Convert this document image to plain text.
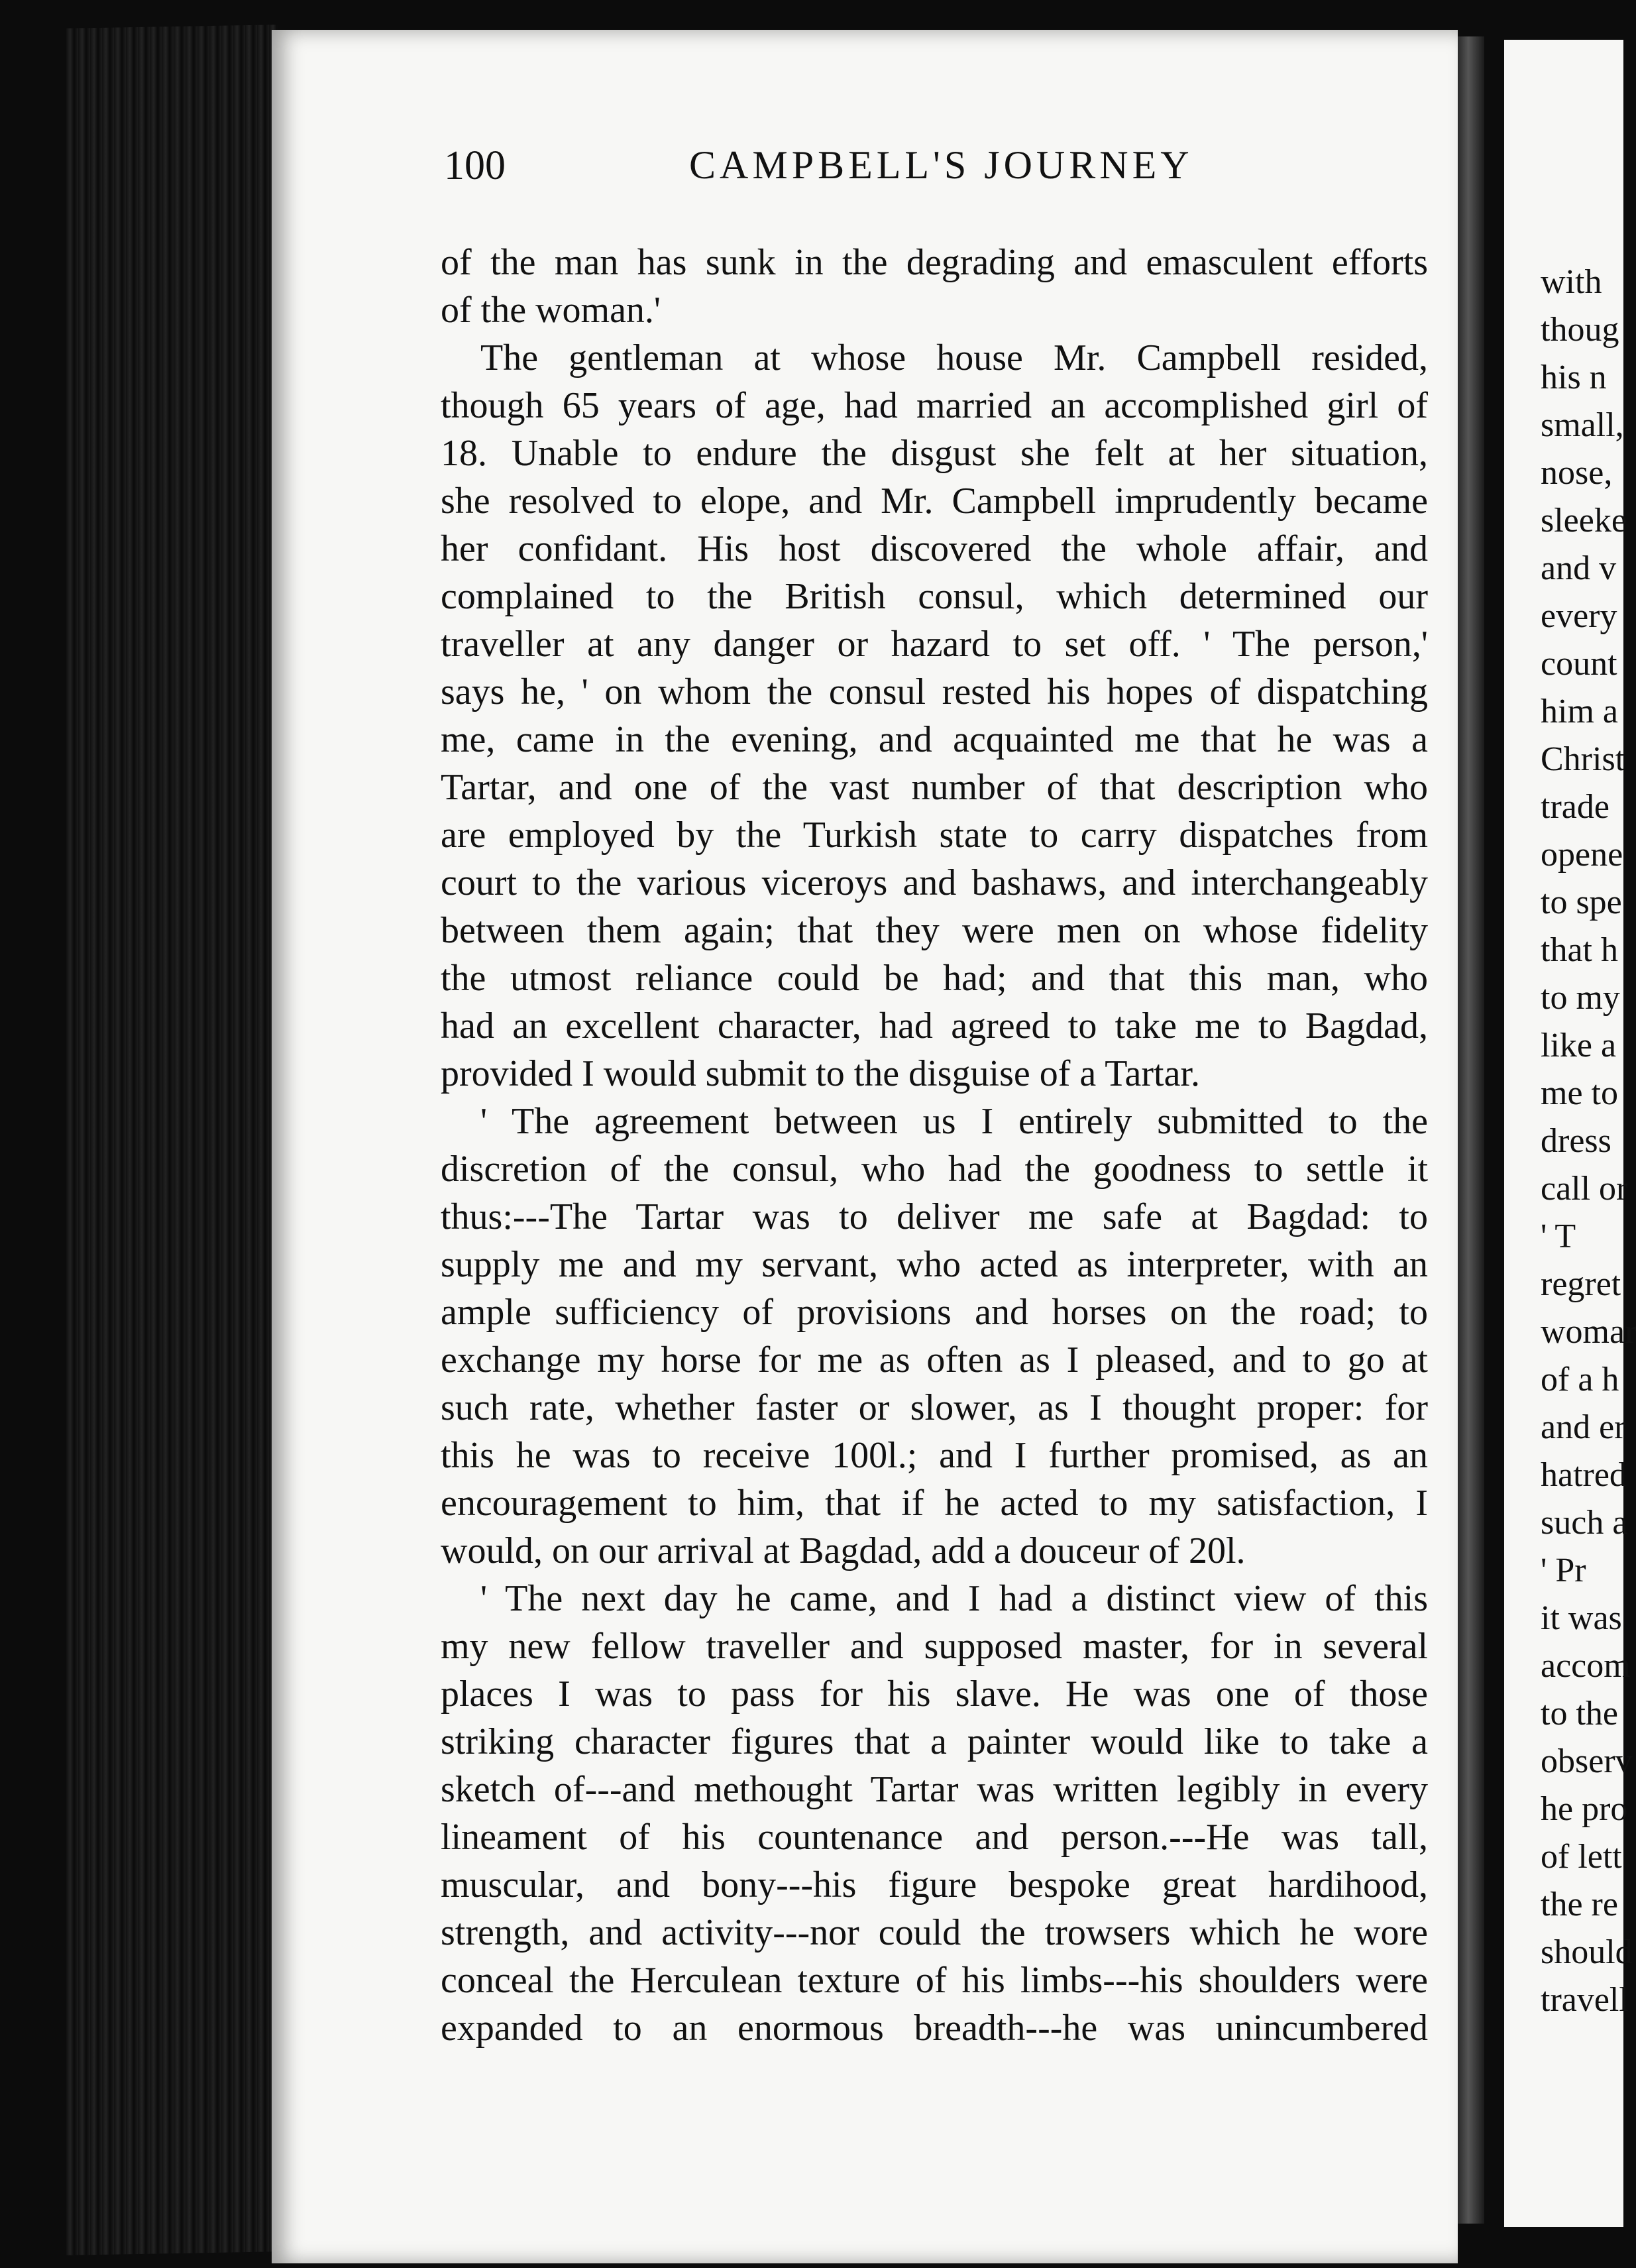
with
thoug
his n
small,
nose,
sleeke
and v
every
count
him a
Christ
trade
opene
to spe
that h
to my
like a
me to
dress
call or
' T
regret
womar
of a h
and er
hatred
such a
' Pr
it was
accom
to the
observ
he pro
of lett
the re
should
travell
100	CAMPBELL'S JOURNEY
of the man has sunk in the degrading and emasculent efforts
of the woman.'
The gentleman at whose house Mr. Campbell resided,
though 65 years of age, had married an accomplished girl of
18. Unable to endure the disgust she felt at her situation,
she resolved to elope, and Mr. Campbell imprudently became
her confidant. His host discovered the whole affair, and
complained to the British consul, which determined our
traveller at any danger or hazard to set off. ' The person,'
says he, ' on whom the consul rested his hopes of dispatching
me, came in the evening, and acquainted me that he was a
Tartar, and one of the vast number of that description who
are employed by the Turkish state to carry dispatches from
court to the various viceroys and bashaws, and interchangeably
between them again; that they were men on whose fidelity
the utmost reliance could be had; and that this man, who
had an excellent character, had agreed to take me to Bagdad,
provided I would submit to the disguise of a Tartar.
' The agreement between us I entirely submitted to the
discretion of the consul, who had the goodness to settle it
thus:---The Tartar was to deliver me safe at Bagdad: to
supply me and my servant, who acted as interpreter, with an
ample sufficiency of provisions and horses on the road; to
exchange my horse for me as often as I pleased, and to go at
such rate, whether faster or slower, as I thought proper: for
this he was to receive 100l.; and I further promised, as an
encouragement to him, that if he acted to my satisfaction, I
would, on our arrival at Bagdad, add a douceur of 20l.
' The next day he came, and I had a distinct view of this
my new fellow traveller and supposed master, for in several
places I was to pass for his slave. He was one of those
striking character figures that a painter would like to take a
sketch of---and methought Tartar was written legibly in every
lineament of his countenance and person.---He was tall,
muscular, and bony---his figure bespoke great hardihood,
strength, and activity---nor could the trowsers which he wore
conceal the Herculean texture of his limbs---his shoulders were
expanded to an enormous breadth---he was unincumbered
